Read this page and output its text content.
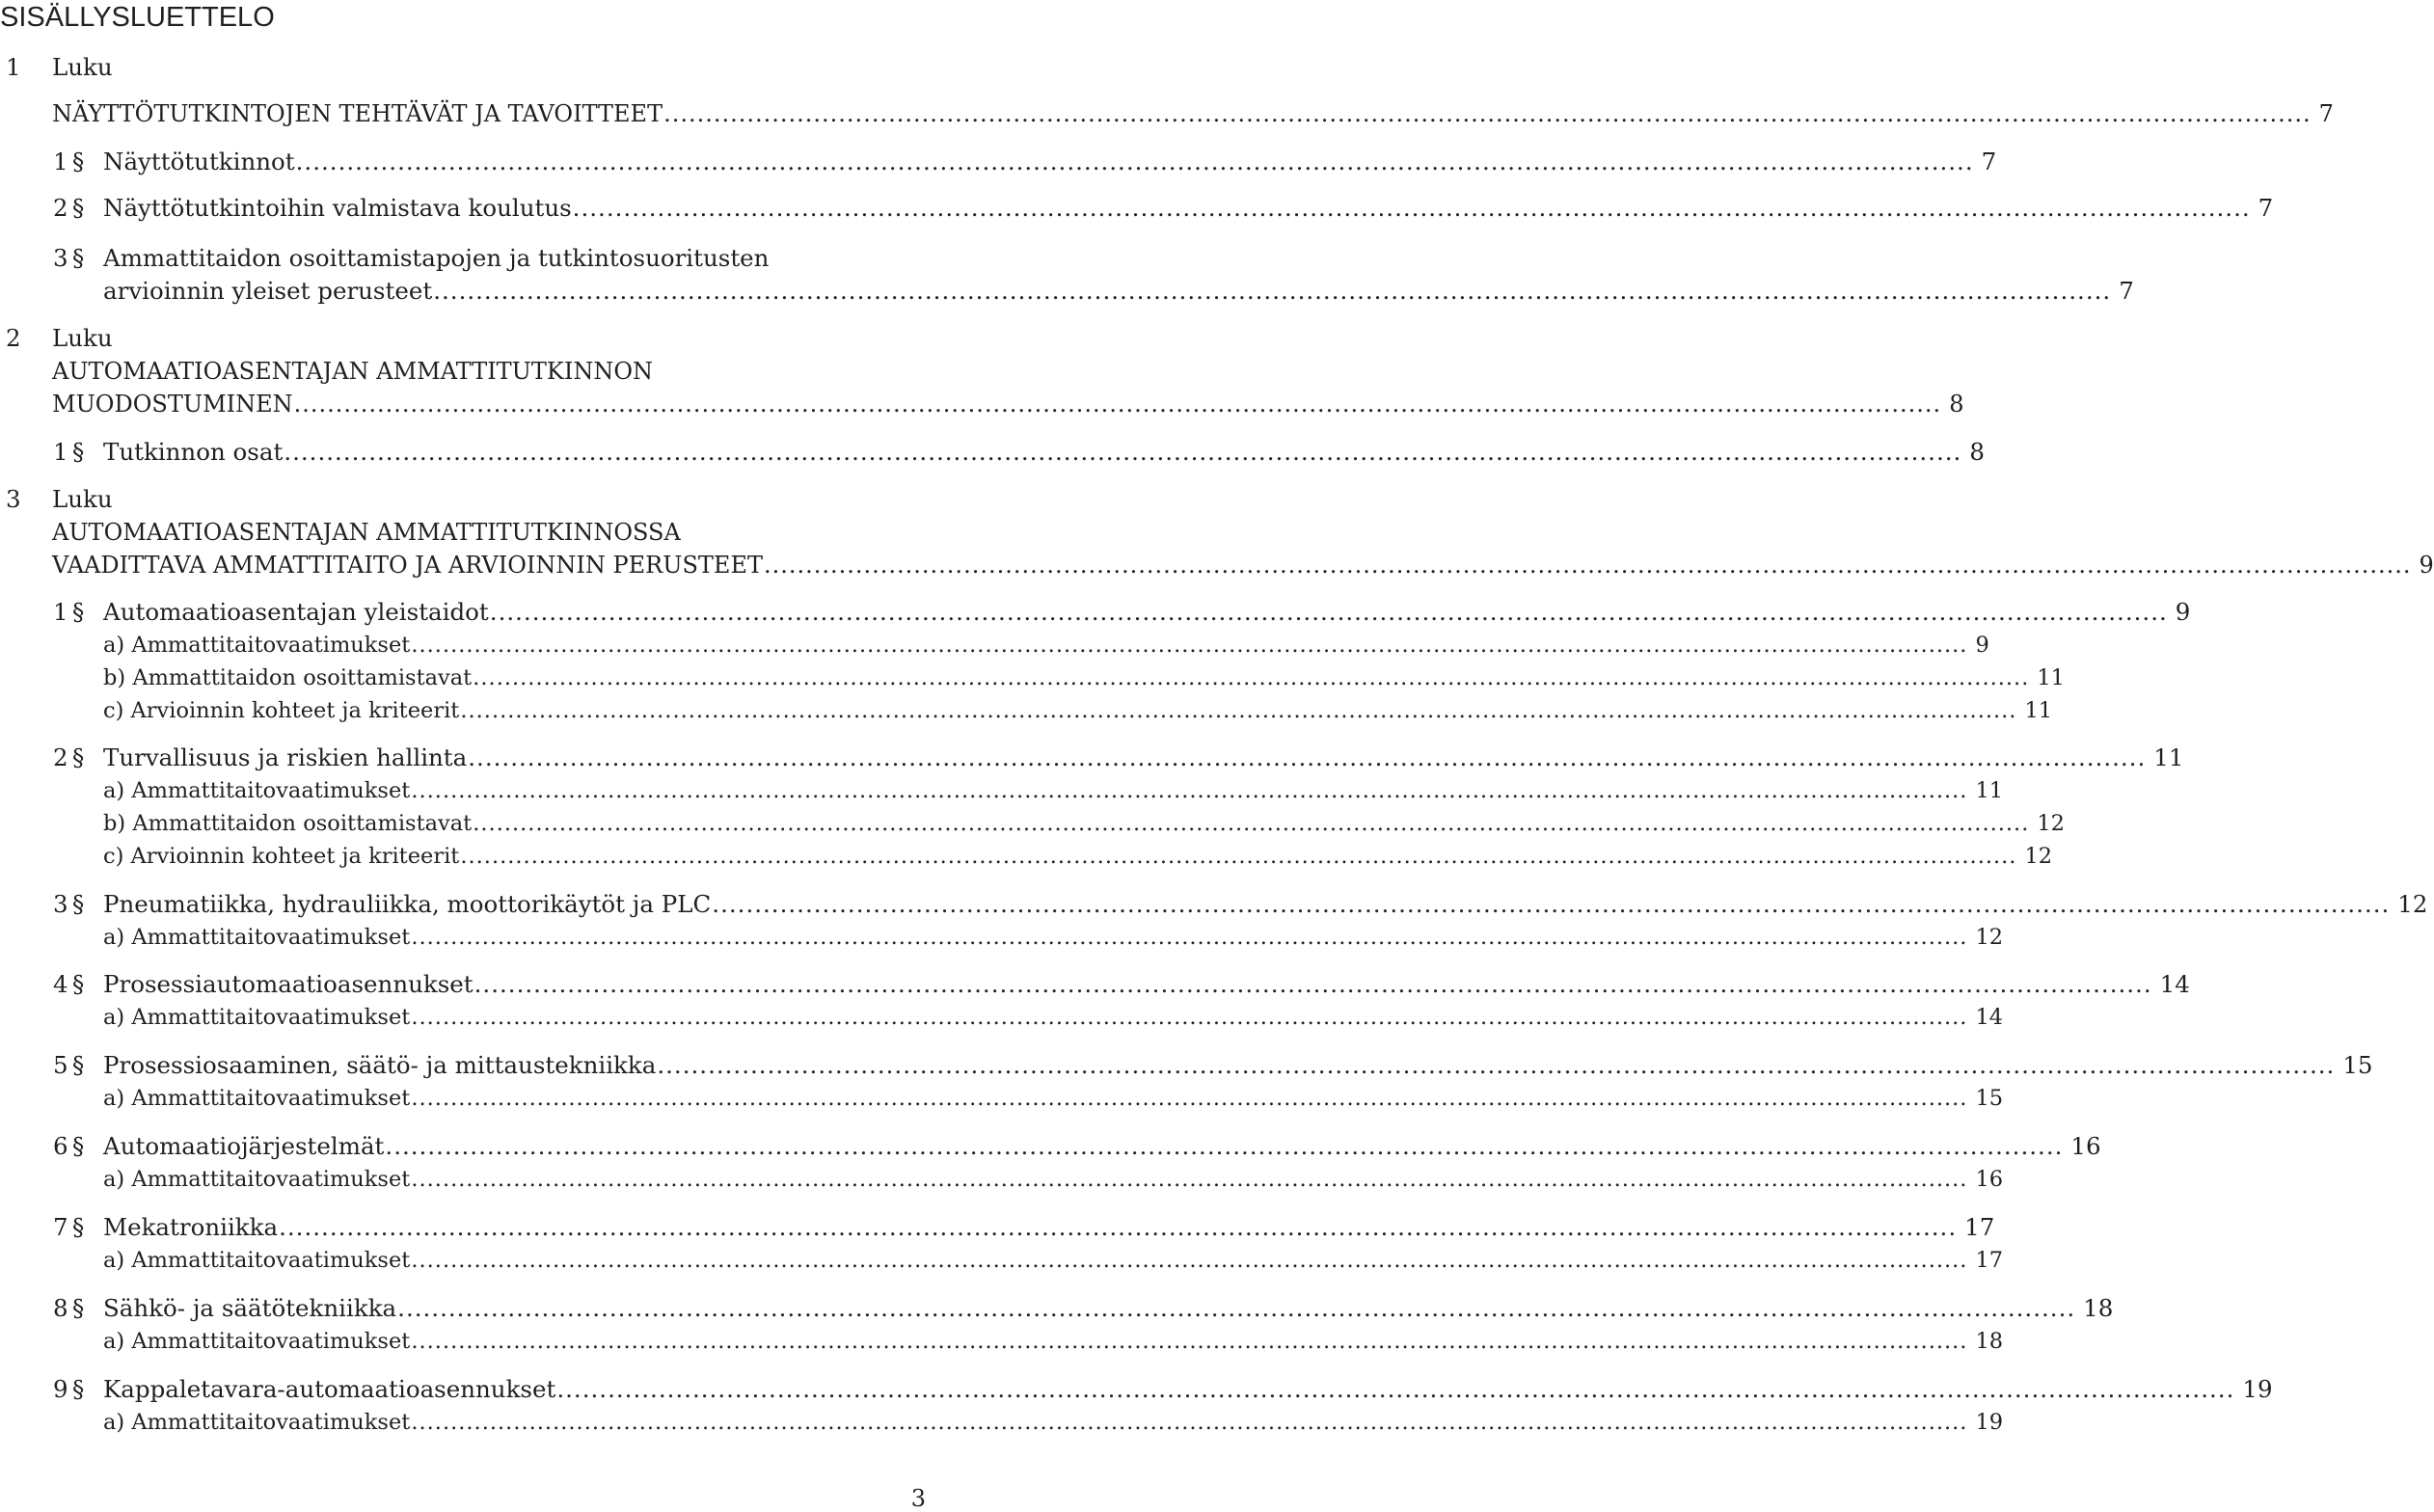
SISÄLLYSLUETTELO
1 Luku
NÄYTTÖTUTKINTOJEN TEHTÄVÄT JA TAVOITTEET ...................................................................................................................................................................................................... 7
1 § Näyttötutkinnot ...................................................................................................................................................................................................... 7
2 § Näyttötutkintoihin valmistava koulutus ...................................................................................................................................................................................................... 7
3 § Ammattitaidon osoittamistapojen ja tutkintosuoritusten
arvioinnin yleiset perusteet ...................................................................................................................................................................................................... 7
2 Luku
AUTOMAATIOASENTAJAN AMMATTITUTKINNON
MUODOSTUMINEN ...................................................................................................................................................................................................... 8
1 § Tutkinnon osat ...................................................................................................................................................................................................... 8
3 Luku
AUTOMAATIOASENTAJAN AMMATTITUTKINNOSSA
VAADITTAVA AMMATTITAITO JA ARVIOINNIN PERUSTEET ...................................................................................................................................................................................................... 9
1 § Automaatioasentajan yleistaidot ...................................................................................................................................................................................................... 9
a) Ammattitaitovaatimukset ...................................................................................................................................................................................................... 9
b) Ammattitaidon osoittamistavat ...................................................................................................................................................................................................... 11
c) Arvioinnin kohteet ja kriteerit ...................................................................................................................................................................................................... 11
2 § Turvallisuus ja riskien hallinta ...................................................................................................................................................................................................... 11
a) Ammattitaitovaatimukset ...................................................................................................................................................................................................... 11
b) Ammattitaidon osoittamistavat ...................................................................................................................................................................................................... 12
c) Arvioinnin kohteet ja kriteerit ...................................................................................................................................................................................................... 12
3 § Pneumatiikka, hydrauliikka, moottorikäytöt ja PLC ...................................................................................................................................................................................................... 12
a) Ammattitaitovaatimukset ...................................................................................................................................................................................................... 12
4 § Prosessiautomaatioasennukset ...................................................................................................................................................................................................... 14
a) Ammattitaitovaatimukset ...................................................................................................................................................................................................... 14
5 § Prosessiosaaminen, säätö- ja mittaustekniikka ...................................................................................................................................................................................................... 15
a) Ammattitaitovaatimukset ...................................................................................................................................................................................................... 15
6 § Automaatiojärjestelmät ...................................................................................................................................................................................................... 16
a) Ammattitaitovaatimukset ...................................................................................................................................................................................................... 16
7 § Mekatroniikka ...................................................................................................................................................................................................... 17
a) Ammattitaitovaatimukset ...................................................................................................................................................................................................... 17
8 § Sähkö- ja säätötekniikka ...................................................................................................................................................................................................... 18
a) Ammattitaitovaatimukset ...................................................................................................................................................................................................... 18
9 § Kappaletavara-automaatioasennukset ...................................................................................................................................................................................................... 19
a) Ammattitaitovaatimukset ...................................................................................................................................................................................................... 19
3
